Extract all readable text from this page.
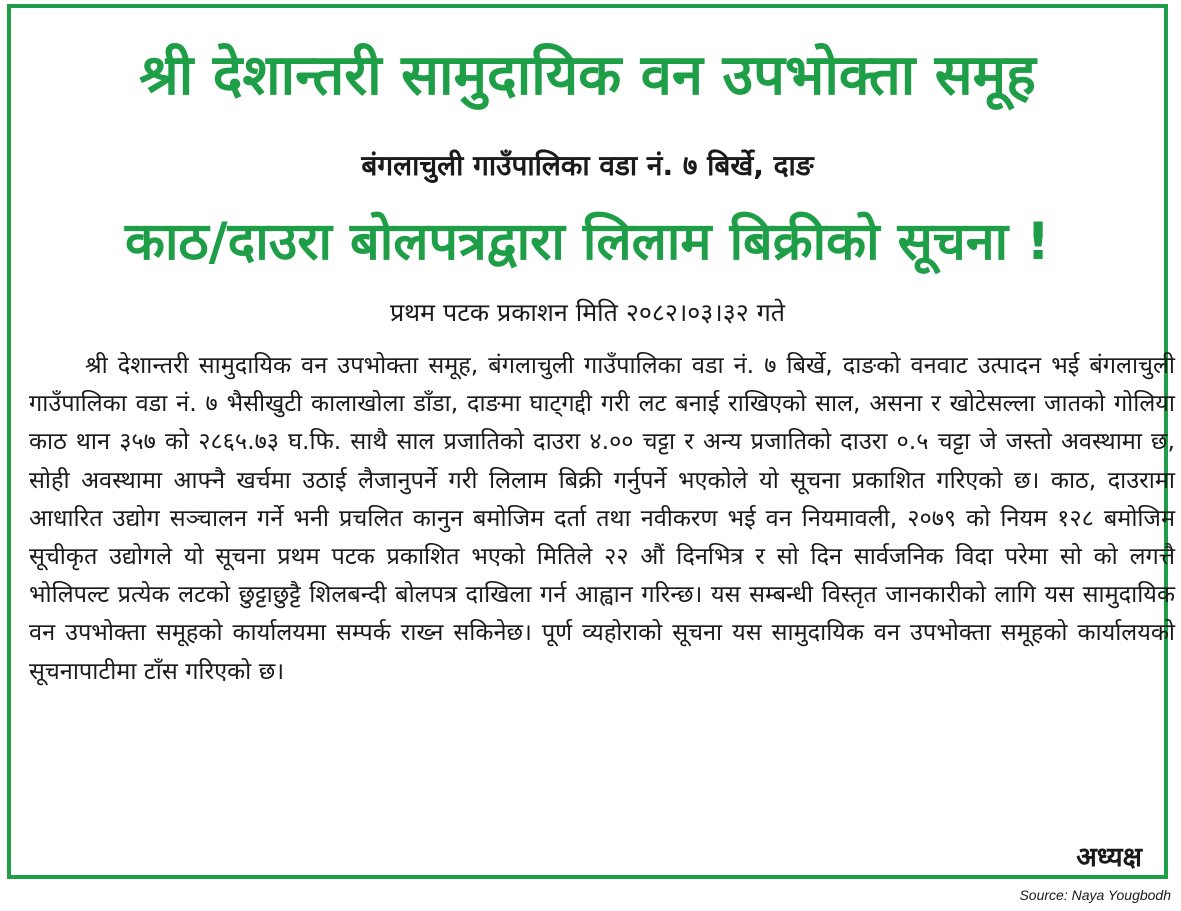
श्री देशान्तरी सामुदायिक वन उपभोक्ता समूह
बंगलाचुली गाउँपालिका वडा नं. ७ बिर्खे, दाङ
काठ/दाउरा बोलपत्रद्वारा लिलाम बिक्रीको सूचना !
प्रथम पटक प्रकाशन मिति २०८२।०३।३२ गते

श्री देशान्तरी सामुदायिक वन उपभोक्ता समूह, बंगलाचुली गाउँपालिका वडा नं. ७ बिर्खे, दाङको वनवाट उत्पादन भई बंगलाचुली गाउँपालिका वडा नं. ७ भैसीखुटी कालाखोला डाँडा, दाङमा घाट्गद्दी गरी लट बनाई राखिएको साल, असना र खोटेसल्ला जातको गोलिया काठ थान ३५७ को २८६५.७३ घ.फि. साथै साल प्रजातिको दाउरा ४.०० चट्टा र अन्य प्रजातिको दाउरा ०.५ चट्टा जे जस्तो अवस्थामा छ, सोही अवस्थामा आफ्नै खर्चमा उठाई लैजानुपर्ने गरी लिलाम बिक्री गर्नुपर्ने भएकोले यो सूचना प्रकाशित गरिएको छ। काठ, दाउरामा आधारित उद्योग सञ्चालन गर्ने भनी प्रचलित कानुन बमोजिम दर्ता तथा नवीकरण भई वन नियमावली, २०७९ को नियम १२८ बमोजिम सूचीकृत उद्योगले यो सूचना प्रथम पटक प्रकाशित भएको मितिले २२ औं दिनभित्र र सो दिन सार्वजनिक विदा परेमा सो को लगत्तै भोलिपल्ट प्रत्येक लटको छुट्टाछुट्टै शिलबन्दी बोलपत्र दाखिला गर्न आह्वान गरिन्छ। यस सम्बन्धी विस्तृत जानकारीको लागि यस सामुदायिक वन उपभोक्ता समूहको कार्यालयमा सम्पर्क राख्न सकिनेछ। पूर्ण व्यहोराको सूचना यस सामुदायिक वन उपभोक्ता समूहको कार्यालयको सूचनापाटीमा टाँस गरिएको छ।

अध्यक्ष
Source: Naya Yougbodh
